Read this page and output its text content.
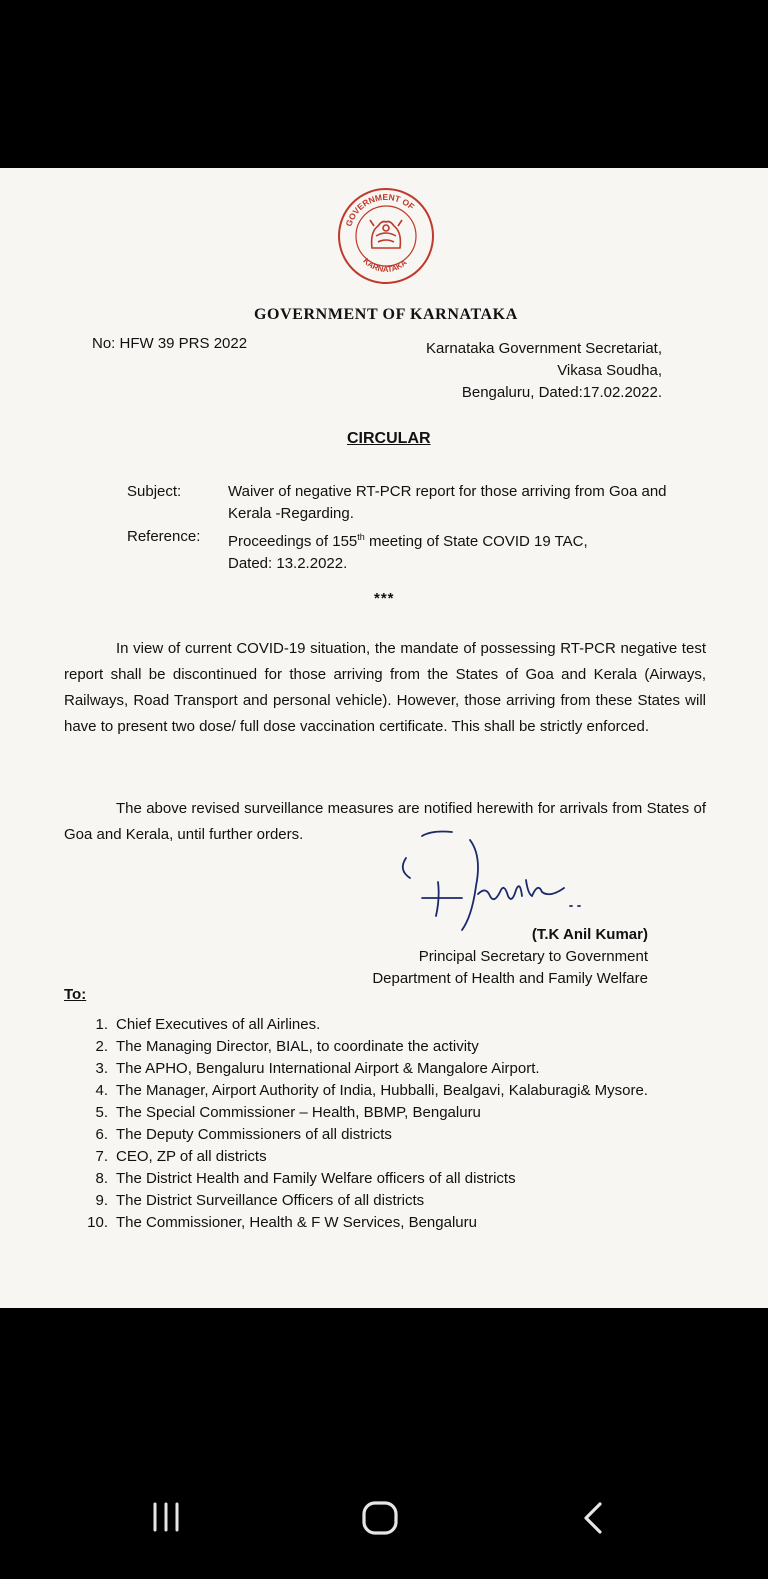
GOVERNMENT OF
KARNATAKA
GOVERNMENT OF KARNATAKA
No: HFW 39 PRS 2022	Karnataka Government Secretariat,
Vikasa Soudha,
Bengaluru, Dated:17.02.2022.
CIRCULAR
Subject:	Waiver of negative RT-PCR report for those arriving from Goa and Kerala -Regarding.
Reference: Proceedings of 155th meeting of State COVID 19 TAC,
Dated: 13.2.2022.
***
In view of current COVID-19 situation, the mandate of possessing RT-PCR negative test report shall be discontinued for those arriving from the States of Goa and Kerala (Airways, Railways, Road Transport and personal vehicle). However, those arriving from these States will have to present two dose/ full dose vaccination certificate. This shall be strictly enforced.
The above revised surveillance measures are notified herewith for arrivals from States of Goa and Kerala, until further orders.
(T.K Anil Kumar)
Principal Secretary to Government
Department of Health and Family Welfare
To:
1. Chief Executives of all Airlines.
2. The Managing Director, BIAL, to coordinate the activity
3. The APHO, Bengaluru International Airport & Mangalore Airport.
4. The Manager, Airport Authority of India, Hubballi, Bealgavi, Kalaburagi& Mysore.
5. The Special Commissioner – Health, BBMP, Bengaluru
6. The Deputy Commissioners of all districts
7. CEO, ZP of all districts
8. The District Health and Family Welfare officers of all districts
9. The District Surveillance Officers of all districts
10. The Commissioner, Health & F W Services, Bengaluru
